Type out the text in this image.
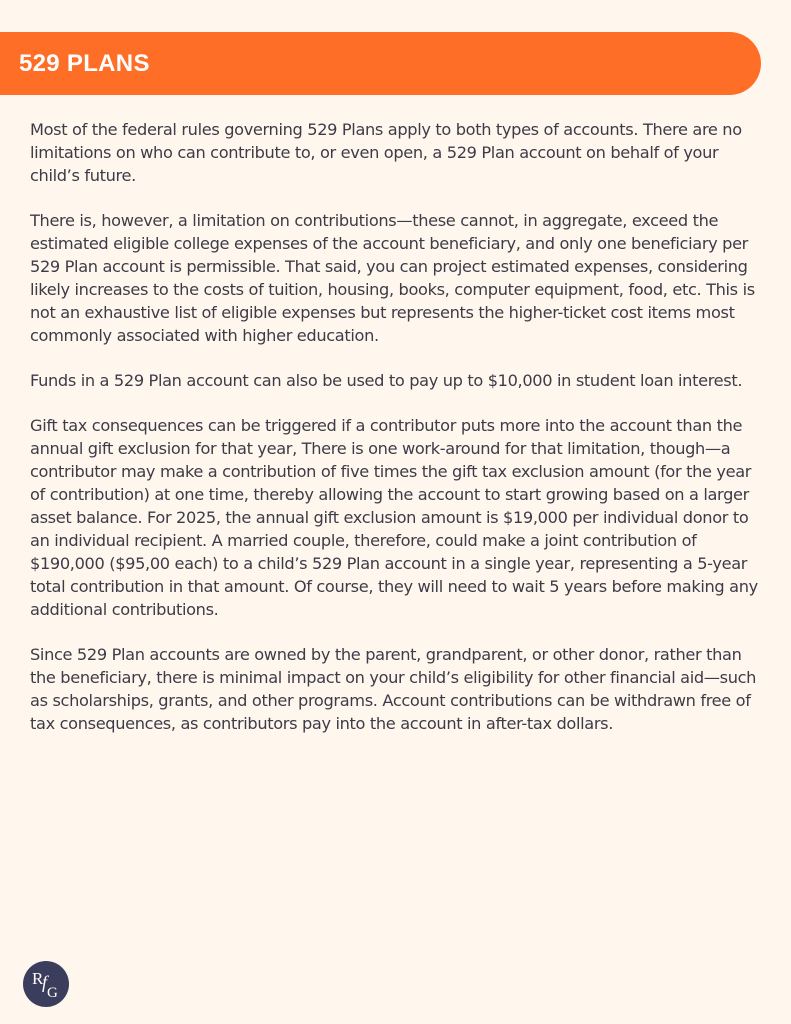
529 PLANS

Most of the federal rules governing 529 Plans apply to both types of accounts. There are no limitations on who can contribute to, or even open, a 529 Plan account on behalf of your child’s future.

There is, however, a limitation on contributions—these cannot, in aggregate, exceed the estimated eligible college expenses of the account beneficiary, and only one beneficiary per 529 Plan account is permissible. That said, you can project estimated expenses, considering likely increases to the costs of tuition, housing, books, computer equipment, food, etc. This is not an exhaustive list of eligible expenses but represents the higher-ticket cost items most commonly associated with higher education.

Funds in a 529 Plan account can also be used to pay up to $10,000 in student loan interest.

Gift tax consequences can be triggered if a contributor puts more into the account than the annual gift exclusion for that year, There is one work-around for that limitation, though—a contributor may make a contribution of five times the gift tax exclusion amount (for the year of contribution) at one time, thereby allowing the account to start growing based on a larger asset balance. For 2025, the annual gift exclusion amount is $19,000 per individual donor to an individual recipient. A married couple, therefore, could make a joint contribution of $190,000 ($95,00 each) to a child’s 529 Plan account in a single year, representing a 5-year total contribution in that amount. Of course, they will need to wait 5 years before making any additional contributions.

Since 529 Plan accounts are owned by the parent, grandparent, or other donor, rather than the beneficiary, there is minimal impact on your child’s eligibility for other financial aid—such as scholarships, grants, and other programs. Account contributions can be withdrawn free of tax consequences, as contributors pay into the account in after-tax dollars.

R
f
G
